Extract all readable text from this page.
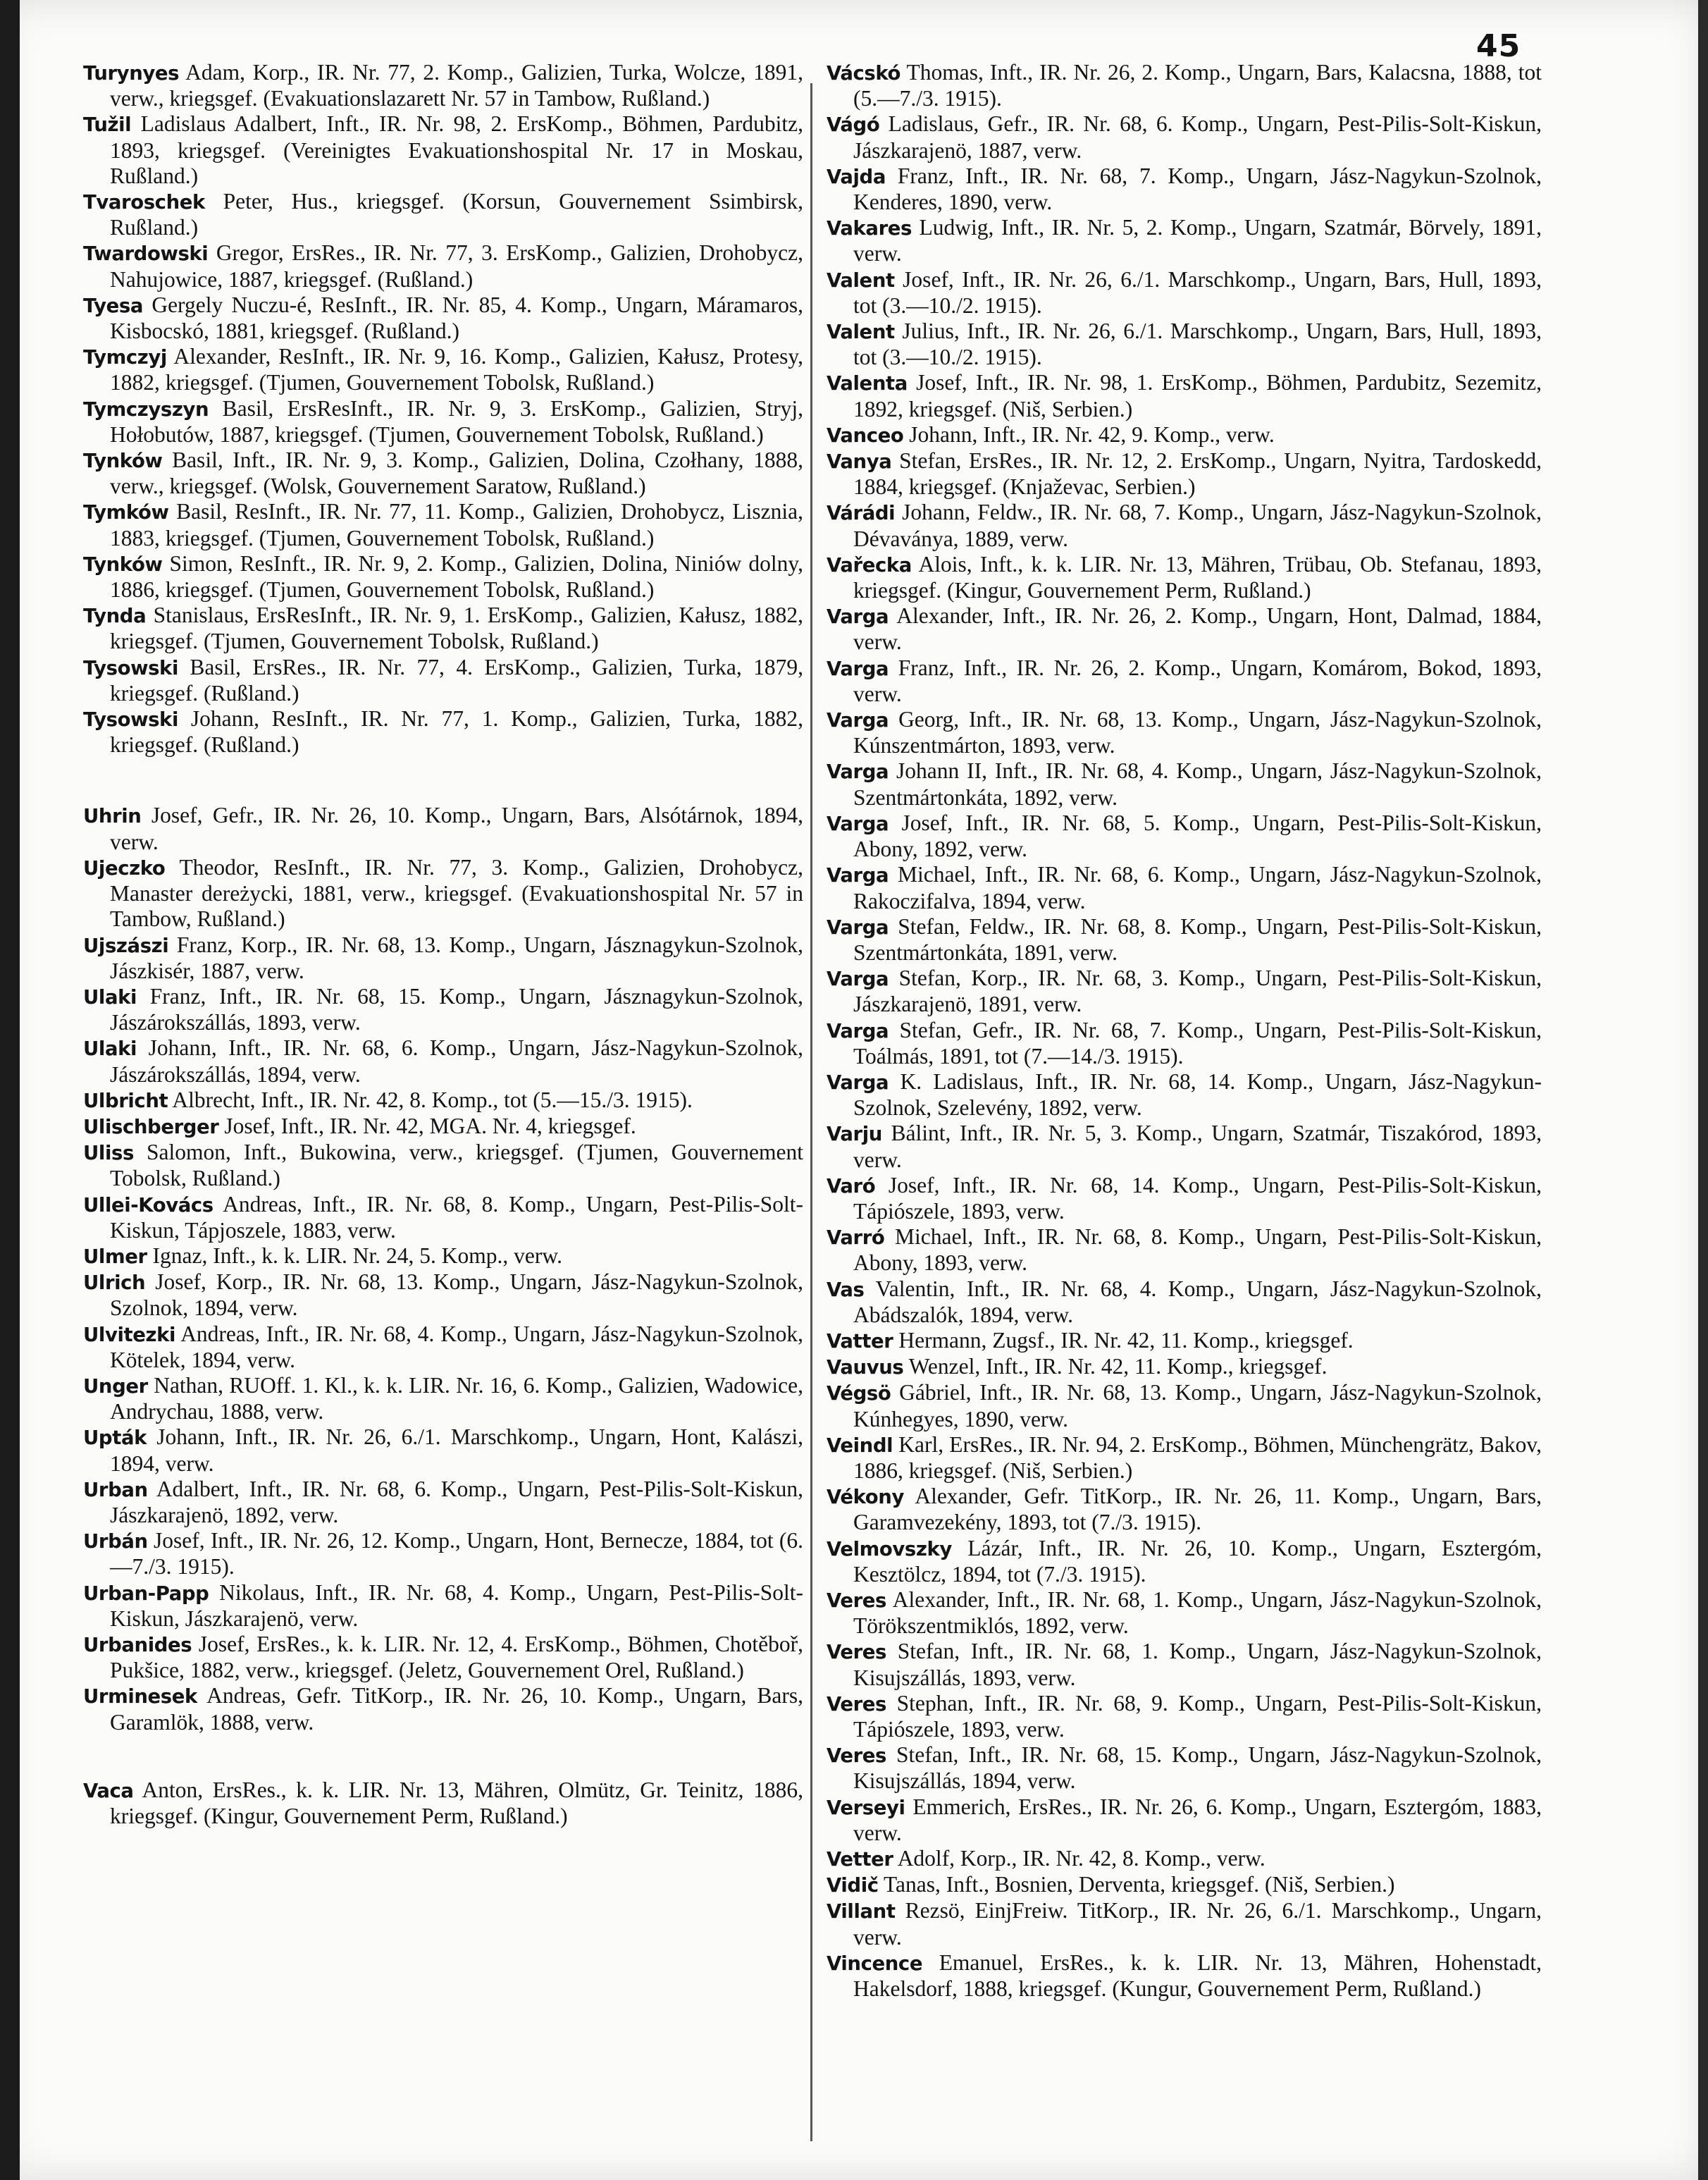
45

Turynyes Adam, Korp., IR. Nr. 77, 2. Komp., Galizien, Turka, Wolcze, 1891, verw., kriegsgef. (Evakuationslazarett Nr. 57 in Tambow, Rußland.)

Tužil Ladislaus Adalbert, Inft., IR. Nr. 98, 2. ErsKomp., Böhmen, Pardubitz, 1893, kriegsgef. (Vereinigtes Evakuationshospital Nr. 17 in Moskau, Rußland.)

Tvaroschek Peter, Hus., kriegsgef. (Korsun, Gouvernement Ssimbirsk, Rußland.)

Twardowski Gregor, ErsRes., IR. Nr. 77, 3. ErsKomp., Galizien, Drohobycz, Nahujowice, 1887, kriegsgef. (Rußland.)

Tyesa Gergely Nuczu-é, ResInft., IR. Nr. 85, 4. Komp., Ungarn, Máramaros, Kisbocskó, 1881, kriegsgef. (Rußland.)

Tymczyj Alexander, ResInft., IR. Nr. 9, 16. Komp., Galizien, Kałusz, Protesy, 1882, kriegsgef. (Tjumen, Gouvernement Tobolsk, Rußland.)

Tymczyszyn Basil, ErsResInft., IR. Nr. 9, 3. ErsKomp., Galizien, Stryj, Hołobutów, 1887, kriegsgef. (Tjumen, Gouvernement Tobolsk, Rußland.)

Tynków Basil, Inft., IR. Nr. 9, 3. Komp., Galizien, Dolina, Czołhany, 1888, verw., kriegsgef. (Wolsk, Gouvernement Saratow, Rußland.)

Tymków Basil, ResInft., IR. Nr. 77, 11. Komp., Galizien, Drohobycz, Lisznia, 1883, kriegsgef. (Tjumen, Gouvernement Tobolsk, Rußland.)

Tynków Simon, ResInft., IR. Nr. 9, 2. Komp., Galizien, Dolina, Niniów dolny, 1886, kriegsgef. (Tjumen, Gouvernement Tobolsk, Rußland.)

Tynda Stanislaus, ErsResInft., IR. Nr. 9, 1. ErsKomp., Galizien, Kałusz, 1882, kriegsgef. (Tjumen, Gouvernement Tobolsk, Rußland.)

Tysowski Basil, ErsRes., IR. Nr. 77, 4. ErsKomp., Galizien, Turka, 1879, kriegsgef. (Rußland.)

Tysowski Johann, ResInft., IR. Nr. 77, 1. Komp., Galizien, Turka, 1882, kriegsgef. (Rußland.)

Uhrin Josef, Gefr., IR. Nr. 26, 10. Komp., Ungarn, Bars, Alsótárnok, 1894, verw.

Ujeczko Theodor, ResInft., IR. Nr. 77, 3. Komp., Galizien, Drohobycz, Manaster dereżycki, 1881, verw., kriegsgef. (Evakuationshospital Nr. 57 in Tambow, Rußland.)

Ujszászi Franz, Korp., IR. Nr. 68, 13. Komp., Ungarn, Jásznagykun-Szolnok, Jászkisér, 1887, verw.

Ulaki Franz, Inft., IR. Nr. 68, 15. Komp., Ungarn, Jásznagykun-Szolnok, Jászárokszállás, 1893, verw.

Ulaki Johann, Inft., IR. Nr. 68, 6. Komp., Ungarn, Jász-Nagykun-Szolnok, Jászárokszállás, 1894, verw.

Ulbricht Albrecht, Inft., IR. Nr. 42, 8. Komp., tot (5.—15./3. 1915).

Ulischberger Josef, Inft., IR. Nr. 42, MGA. Nr. 4, kriegsgef.

Uliss Salomon, Inft., Bukowina, verw., kriegsgef. (Tjumen, Gouvernement Tobolsk, Rußland.)

Ullei-Kovács Andreas, Inft., IR. Nr. 68, 8. Komp., Ungarn, Pest-Pilis-Solt-Kiskun, Tápjoszele, 1883, verw.

Ulmer Ignaz, Inft., k. k. LIR. Nr. 24, 5. Komp., verw.

Ulrich Josef, Korp., IR. Nr. 68, 13. Komp., Ungarn, Jász-Nagykun-Szolnok, Szolnok, 1894, verw.

Ulvitezki Andreas, Inft., IR. Nr. 68, 4. Komp., Ungarn, Jász-Nagykun-Szolnok, Kötelek, 1894, verw.

Unger Nathan, RUOff. 1. Kl., k. k. LIR. Nr. 16, 6. Komp., Galizien, Wadowice, Andrychau, 1888, verw.

Upták Johann, Inft., IR. Nr. 26, 6./1. Marschkomp., Ungarn, Hont, Kalászi, 1894, verw.

Urban Adalbert, Inft., IR. Nr. 68, 6. Komp., Ungarn, Pest-Pilis-Solt-Kiskun, Jászkarajenö, 1892, verw.

Urbán Josef, Inft., IR. Nr. 26, 12. Komp., Ungarn, Hont, Bernecze, 1884, tot (6.—7./3. 1915).

Urban-Papp Nikolaus, Inft., IR. Nr. 68, 4. Komp., Ungarn, Pest-Pilis-Solt-Kiskun, Jászkarajenö, verw.

Urbanides Josef, ErsRes., k. k. LIR. Nr. 12, 4. ErsKomp., Böhmen, Chotěboř, Pukšice, 1882, verw., kriegsgef. (Jeletz, Gouvernement Orel, Rußland.)

Urminesek Andreas, Gefr. TitKorp., IR. Nr. 26, 10. Komp., Ungarn, Bars, Garamlök, 1888, verw.

Vaca Anton, ErsRes., k. k. LIR. Nr. 13, Mähren, Olmütz, Gr. Teinitz, 1886, kriegsgef. (Kingur, Gouvernement Perm, Rußland.)

Vácskó Thomas, Inft., IR. Nr. 26, 2. Komp., Ungarn, Bars, Kalacsna, 1888, tot (5.—7./3. 1915).

Vágó Ladislaus, Gefr., IR. Nr. 68, 6. Komp., Ungarn, Pest-Pilis-Solt-Kiskun, Jászkarajenö, 1887, verw.

Vajda Franz, Inft., IR. Nr. 68, 7. Komp., Ungarn, Jász-Nagykun-Szolnok, Kenderes, 1890, verw.

Vakares Ludwig, Inft., IR. Nr. 5, 2. Komp., Ungarn, Szatmár, Börvely, 1891, verw.

Valent Josef, Inft., IR. Nr. 26, 6./1. Marschkomp., Ungarn, Bars, Hull, 1893, tot (3.—10./2. 1915).

Valent Julius, Inft., IR. Nr. 26, 6./1. Marschkomp., Ungarn, Bars, Hull, 1893, tot (3.—10./2. 1915).

Valenta Josef, Inft., IR. Nr. 98, 1. ErsKomp., Böhmen, Pardubitz, Sezemitz, 1892, kriegsgef. (Niš, Serbien.)

Vanceo Johann, Inft., IR. Nr. 42, 9. Komp., verw.

Vanya Stefan, ErsRes., IR. Nr. 12, 2. ErsKomp., Ungarn, Nyitra, Tardoskedd, 1884, kriegsgef. (Knjaževac, Serbien.)

Várádi Johann, Feldw., IR. Nr. 68, 7. Komp., Ungarn, Jász-Nagykun-Szolnok, Dévaványa, 1889, verw.

Vařecka Alois, Inft., k. k. LIR. Nr. 13, Mähren, Trübau, Ob. Stefanau, 1893, kriegsgef. (Kingur, Gouvernement Perm, Rußland.)

Varga Alexander, Inft., IR. Nr. 26, 2. Komp., Ungarn, Hont, Dalmad, 1884, verw.

Varga Franz, Inft., IR. Nr. 26, 2. Komp., Ungarn, Komárom, Bokod, 1893, verw.

Varga Georg, Inft., IR. Nr. 68, 13. Komp., Ungarn, Jász-Nagykun-Szolnok, Kúnszentmárton, 1893, verw.

Varga Johann II, Inft., IR. Nr. 68, 4. Komp., Ungarn, Jász-Nagykun-Szolnok, Szentmártonkáta, 1892, verw.

Varga Josef, Inft., IR. Nr. 68, 5. Komp., Ungarn, Pest-Pilis-Solt-Kiskun, Abony, 1892, verw.

Varga Michael, Inft., IR. Nr. 68, 6. Komp., Ungarn, Jász-Nagykun-Szolnok, Rakoczifalva, 1894, verw.

Varga Stefan, Feldw., IR. Nr. 68, 8. Komp., Ungarn, Pest-Pilis-Solt-Kiskun, Szentmártonkáta, 1891, verw.

Varga Stefan, Korp., IR. Nr. 68, 3. Komp., Ungarn, Pest-Pilis-Solt-Kiskun, Jászkarajenö, 1891, verw.

Varga Stefan, Gefr., IR. Nr. 68, 7. Komp., Ungarn, Pest-Pilis-Solt-Kiskun, Toálmás, 1891, tot (7.—14./3. 1915).

Varga K. Ladislaus, Inft., IR. Nr. 68, 14. Komp., Ungarn, Jász-Nagykun-Szolnok, Szelevény, 1892, verw.

Varju Bálint, Inft., IR. Nr. 5, 3. Komp., Ungarn, Szatmár, Tiszakórod, 1893, verw.

Varó Josef, Inft., IR. Nr. 68, 14. Komp., Ungarn, Pest-Pilis-Solt-Kiskun, Tápiószele, 1893, verw.

Varró Michael, Inft., IR. Nr. 68, 8. Komp., Ungarn, Pest-Pilis-Solt-Kiskun, Abony, 1893, verw.

Vas Valentin, Inft., IR. Nr. 68, 4. Komp., Ungarn, Jász-Nagykun-Szolnok, Abádszalók, 1894, verw.

Vatter Hermann, Zugsf., IR. Nr. 42, 11. Komp., kriegsgef.

Vauvus Wenzel, Inft., IR. Nr. 42, 11. Komp., kriegsgef.

Végsö Gábriel, Inft., IR. Nr. 68, 13. Komp., Ungarn, Jász-Nagykun-Szolnok, Kúnhegyes, 1890, verw.

Veindl Karl, ErsRes., IR. Nr. 94, 2. ErsKomp., Böhmen, Münchengrätz, Bakov, 1886, kriegsgef. (Niš, Serbien.)

Vékony Alexander, Gefr. TitKorp., IR. Nr. 26, 11. Komp., Ungarn, Bars, Garamvezekény, 1893, tot (7./3. 1915).

Velmovszky Lázár, Inft., IR. Nr. 26, 10. Komp., Ungarn, Esztergóm, Kesztölcz, 1894, tot (7./3. 1915).

Veres Alexander, Inft., IR. Nr. 68, 1. Komp., Ungarn, Jász-Nagykun-Szolnok, Törökszentmiklós, 1892, verw.

Veres Stefan, Inft., IR. Nr. 68, 1. Komp., Ungarn, Jász-Nagykun-Szolnok, Kisujszállás, 1893, verw.

Veres Stephan, Inft., IR. Nr. 68, 9. Komp., Ungarn, Pest-Pilis-Solt-Kiskun, Tápiószele, 1893, verw.

Veres Stefan, Inft., IR. Nr. 68, 15. Komp., Ungarn, Jász-Nagykun-Szolnok, Kisujszállás, 1894, verw.

Verseyi Emmerich, ErsRes., IR. Nr. 26, 6. Komp., Ungarn, Esztergóm, 1883, verw.

Vetter Adolf, Korp., IR. Nr. 42, 8. Komp., verw.

Vidič Tanas, Inft., Bosnien, Derventa, kriegsgef. (Niš, Serbien.)

Villant Rezsö, EinjFreiw. TitKorp., IR. Nr. 26, 6./1. Marschkomp., Ungarn, verw.

Vincence Emanuel, ErsRes., k. k. LIR. Nr. 13, Mähren, Hohenstadt, Hakelsdorf, 1888, kriegsgef. (Kungur, Gouvernement Perm, Rußland.)
